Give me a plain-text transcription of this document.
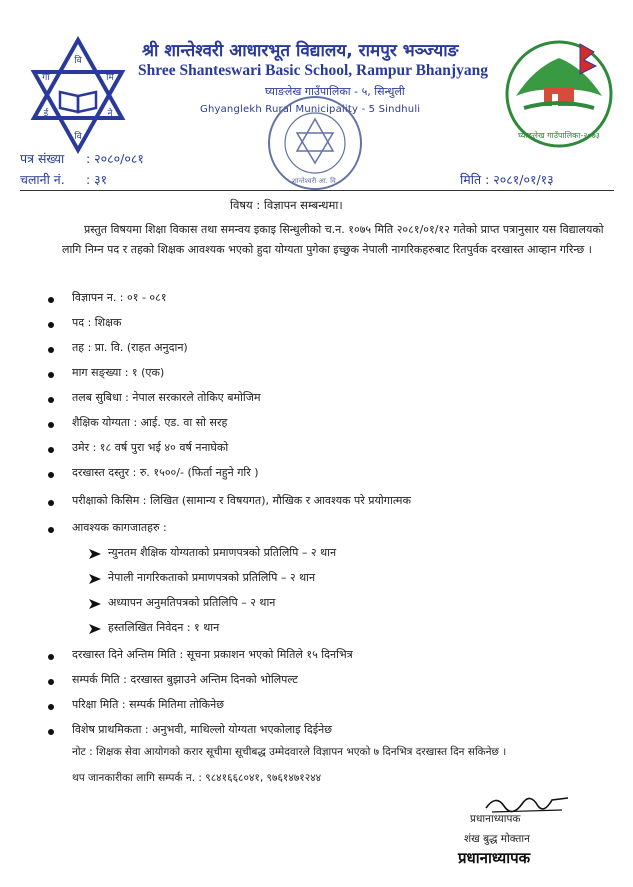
वि
वि
गा	मि
ई	ने
श्री शान्तेश्वरी आधारभूत विद्यालय, रामपुर भञ्ज्याङ
Shree Shanteswari Basic School, Rampur Bhanjyang
घ्याङलेख गाउँपालिका - ५, सिन्धुली
Ghyanglekh Rural Municipality - 5 Sindhuli
शान्तेश्वरी आ. वि.
घ्याङलेख गाउँपालिका-२०७३
पत्र संख्या : २०८०/०८१
चलानी नं. : ३१	मिति : २०८१/०१/१३
विषय : विज्ञापन सम्बन्धमा।
प्रस्तुत विषयमा शिक्षा विकास तथा समन्वय इकाइ सिन्धुलीको च.न. १०७५ मिति २०८१/०१/१२ गतेको प्राप्त पत्रानुसार यस विद्यालयको लागि निम्न पद र तहको शिक्षक आवश्यक भएको हुदा योग्यता पुगेका इच्छुक नेपाली नागरिकहरुबाट रितपुर्वक दरखास्त आव्हान गरिन्छ ।
विज्ञापन न. : ०१ - ०८१
पद : शिक्षक
तह : प्रा. वि. (राहत अनुदान)
माग सङ्ख्या : १ (एक)
तलब सुबिधा : नेपाल सरकारले तोकिए बमोजिम
शैक्षिक योग्यता : आई. एड. वा सो सरह
उमेर : १८ वर्ष पुरा भई ४० वर्ष ननाघेको
दरखास्त दस्तुर : रु. १५००/- (फिर्ता नहुने गरि )
परीक्षाको किसिम : लिखित (सामान्य र विषयगत), मौखिक र आवश्यक परे प्रयोगात्मक
आवश्यक कागजातहरु :
न्युनतम शैक्षिक योग्यताको प्रमाणपत्रको प्रतिलिपि – २ थान
नेपाली नागरिकताको प्रमाणपत्रको प्रतिलिपि – २ थान
अध्यापन अनुमतिपत्रको प्रतिलिपि – २ थान
हस्तलिखित निवेदन : १ थान
दरखास्त दिने अन्तिम मिति : सूचना प्रकाशन भएको मितिले १५ दिनभित्र
सम्पर्क मिति : दरखास्त बुझाउने अन्तिम दिनको भोलिपल्ट
परिक्षा मिति : सम्पर्क मितिमा तोकिनेछ
विशेष प्राथमिकता : अनुभवी, माथिल्लो योग्यता भएकोलाइ दिईनेछ
नोट : शिक्षक सेवा आयोगको करार सूचीमा सूचीबद्ध उम्मेदवारले विज्ञापन भएको ७ दिनभित्र दरखास्त दिन सकिनेछ ।
थप जानकारीका लागि सम्पर्क न. : ९८४१६६८०४१, ९७६१४७१२४४
प्रधानाध्यापक
शंख बुद्ध मोक्तान
प्रधानाध्यापक
